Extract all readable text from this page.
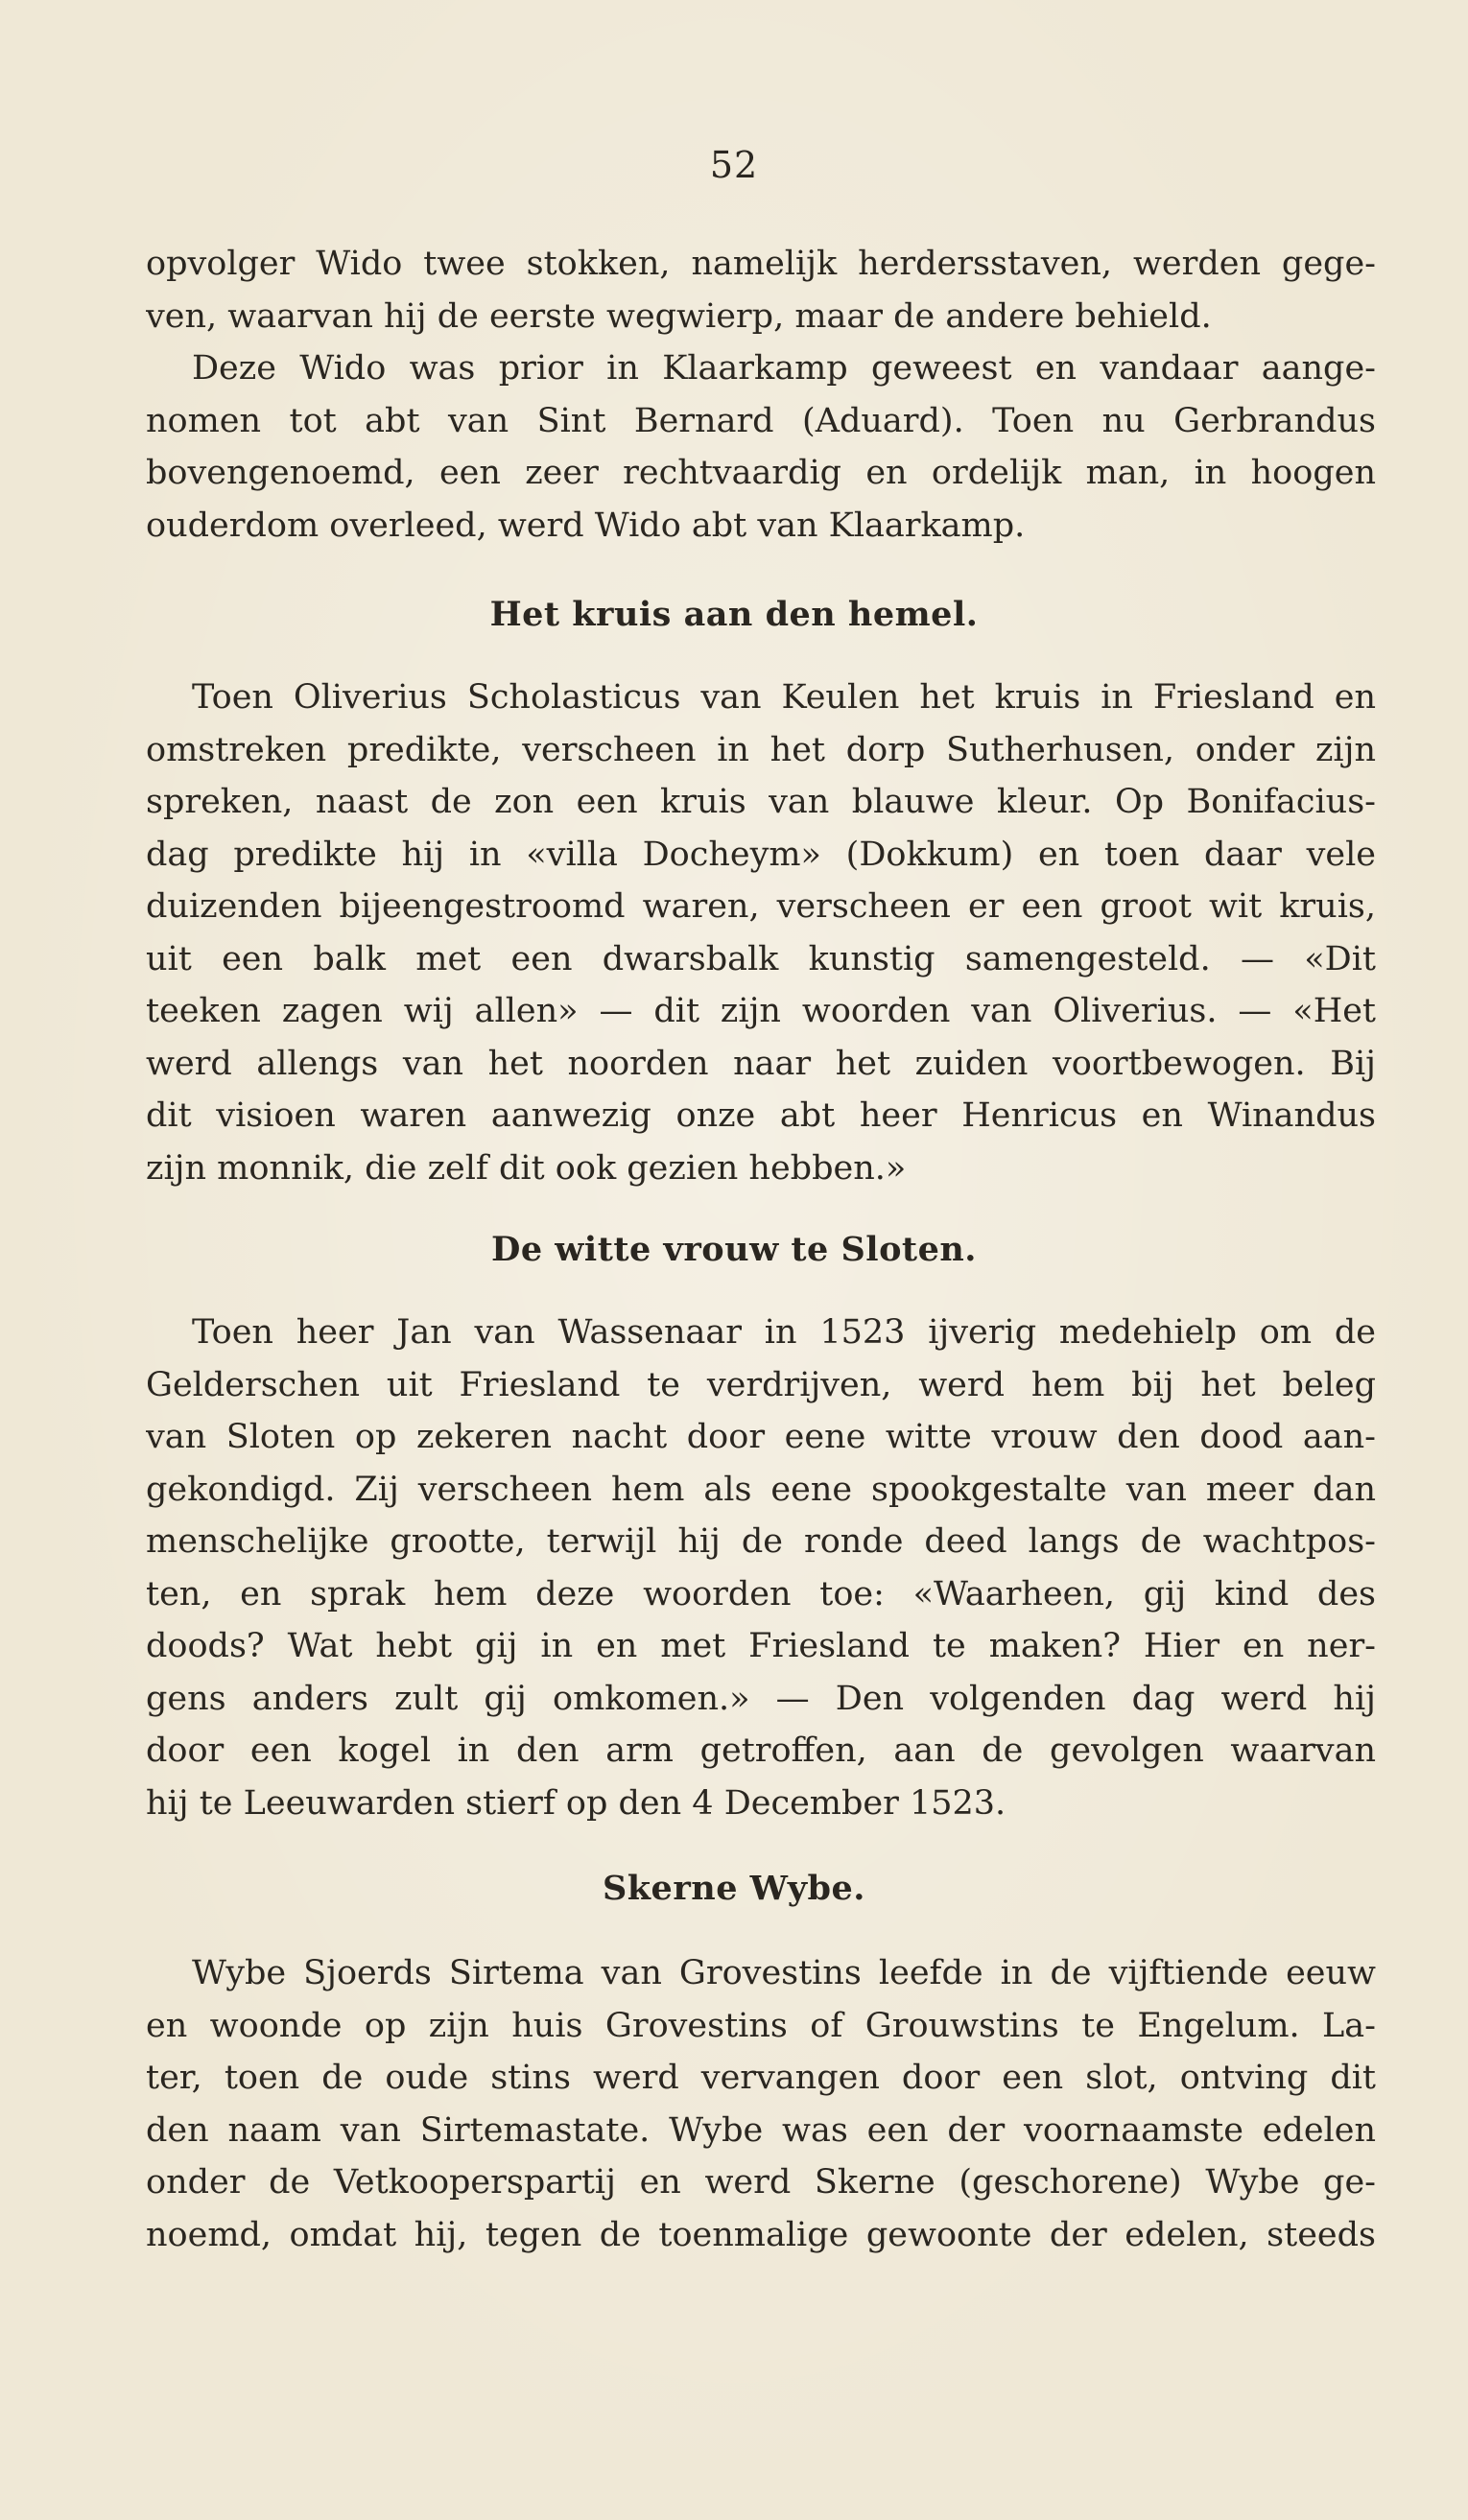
52
opvolger Wido twee stokken, namelijk herdersstaven, werden gege-
ven, waarvan hij de eerste wegwierp, maar de andere behield.
Deze Wido was prior in Klaarkamp geweest en vandaar aange-
nomen tot abt van Sint Bernard (Aduard). Toen nu Gerbrandus
bovengenoemd, een zeer rechtvaardig en ordelijk man, in hoogen
ouderdom overleed, werd Wido abt van Klaarkamp.
Het kruis aan den hemel.
Toen Oliverius Scholasticus van Keulen het kruis in Friesland en
omstreken predikte, verscheen in het dorp Sutherhusen, onder zijn
spreken, naast de zon een kruis van blauwe kleur. Op Bonifacius-
dag predikte hij in «villa Docheym» (Dokkum) en toen daar vele
duizenden bijeengestroomd waren, verscheen er een groot wit kruis,
uit een balk met een dwarsbalk kunstig samengesteld. — «Dit
teeken zagen wij allen» — dit zijn woorden van Oliverius. — «Het
werd allengs van het noorden naar het zuiden voortbewogen. Bij
dit visioen waren aanwezig onze abt heer Henricus en Winandus
zijn monnik, die zelf dit ook gezien hebben.»
De witte vrouw te Sloten.
Toen heer Jan van Wassenaar in 1523 ijverig medehielp om de
Gelderschen uit Friesland te verdrijven, werd hem bij het beleg
van Sloten op zekeren nacht door eene witte vrouw den dood aan-
gekondigd. Zij verscheen hem als eene spookgestalte van meer dan
menschelijke grootte, terwijl hij de ronde deed langs de wachtpos-
ten, en sprak hem deze woorden toe: «Waarheen, gij kind des
doods? Wat hebt gij in en met Friesland te maken? Hier en ner-
gens anders zult gij omkomen.» — Den volgenden dag werd hij
door een kogel in den arm getroffen, aan de gevolgen waarvan
hij te Leeuwarden stierf op den 4 December 1523.
Skerne Wybe.
Wybe Sjoerds Sirtema van Grovestins leefde in de vijftiende eeuw
en woonde op zijn huis Grovestins of Grouwstins te Engelum. La-
ter, toen de oude stins werd vervangen door een slot, ontving dit
den naam van Sirtemastate. Wybe was een der voornaamste edelen
onder de Vetkooperspartij en werd Skerne (geschorene) Wybe ge-
noemd, omdat hij, tegen de toenmalige gewoonte der edelen, steeds
